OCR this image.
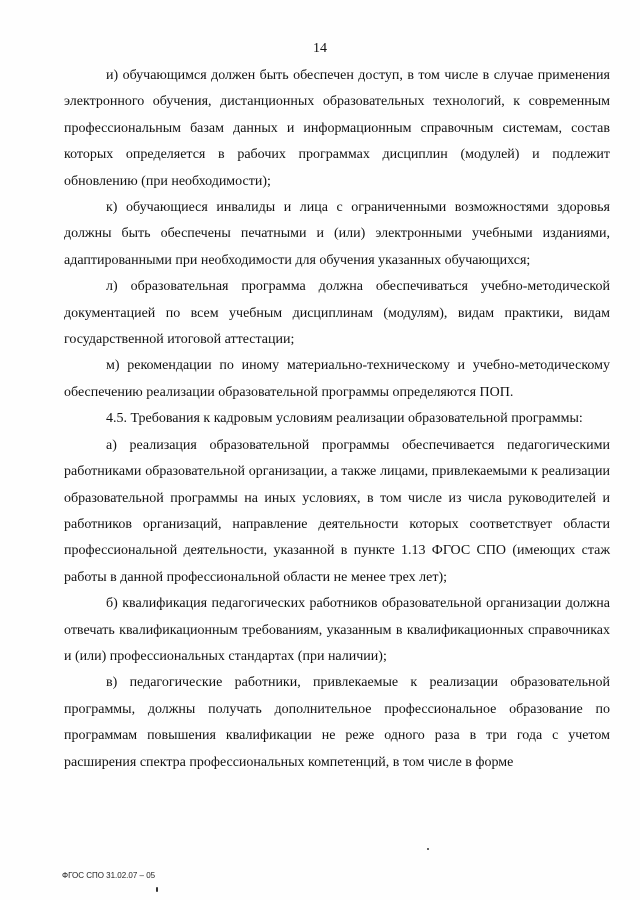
14

и) обучающимся должен быть обеспечен доступ, в том числе в случае применения электронного обучения, дистанционных образовательных технологий, к современным профессиональным базам данных и информационным справочным системам, состав которых определяется в рабочих программах дисциплин (модулей) и подлежит обновлению (при необходимости);

к) обучающиеся инвалиды и лица с ограниченными возможностями здоровья должны быть обеспечены печатными и (или) электронными учебными изданиями, адаптированными при необходимости для обучения указанных обучающихся;

л) образовательная программа должна обеспечиваться учебно-методической документацией по всем учебным дисциплинам (модулям), видам практики, видам государственной итоговой аттестации;

м) рекомендации по иному материально-техническому и учебно-методическому обеспечению реализации образовательной программы определяются ПОП.

4.5. Требования к кадровым условиям реализации образовательной программы:

а) реализация образовательной программы обеспечивается педагогическими работниками образовательной организации, а также лицами, привлекаемыми к реализации образовательной программы на иных условиях, в том числе из числа руководителей и работников организаций, направление деятельности которых соответствует области профессиональной деятельности, указанной в пункте 1.13 ФГОС СПО (имеющих стаж работы в данной профессиональной области не менее трех лет);

б) квалификация педагогических работников образовательной организации должна отвечать квалификационным требованиям, указанным в квалификационных справочниках и (или) профессиональных стандартах (при наличии);

в) педагогические работники, привлекаемые к реализации образовательной программы, должны получать дополнительное профессиональное образование по программам повышения квалификации не реже одного раза в три года с учетом расширения спектра профессиональных компетенций, в том числе в форме

ФГОС СПО 31.02.07 – 05
